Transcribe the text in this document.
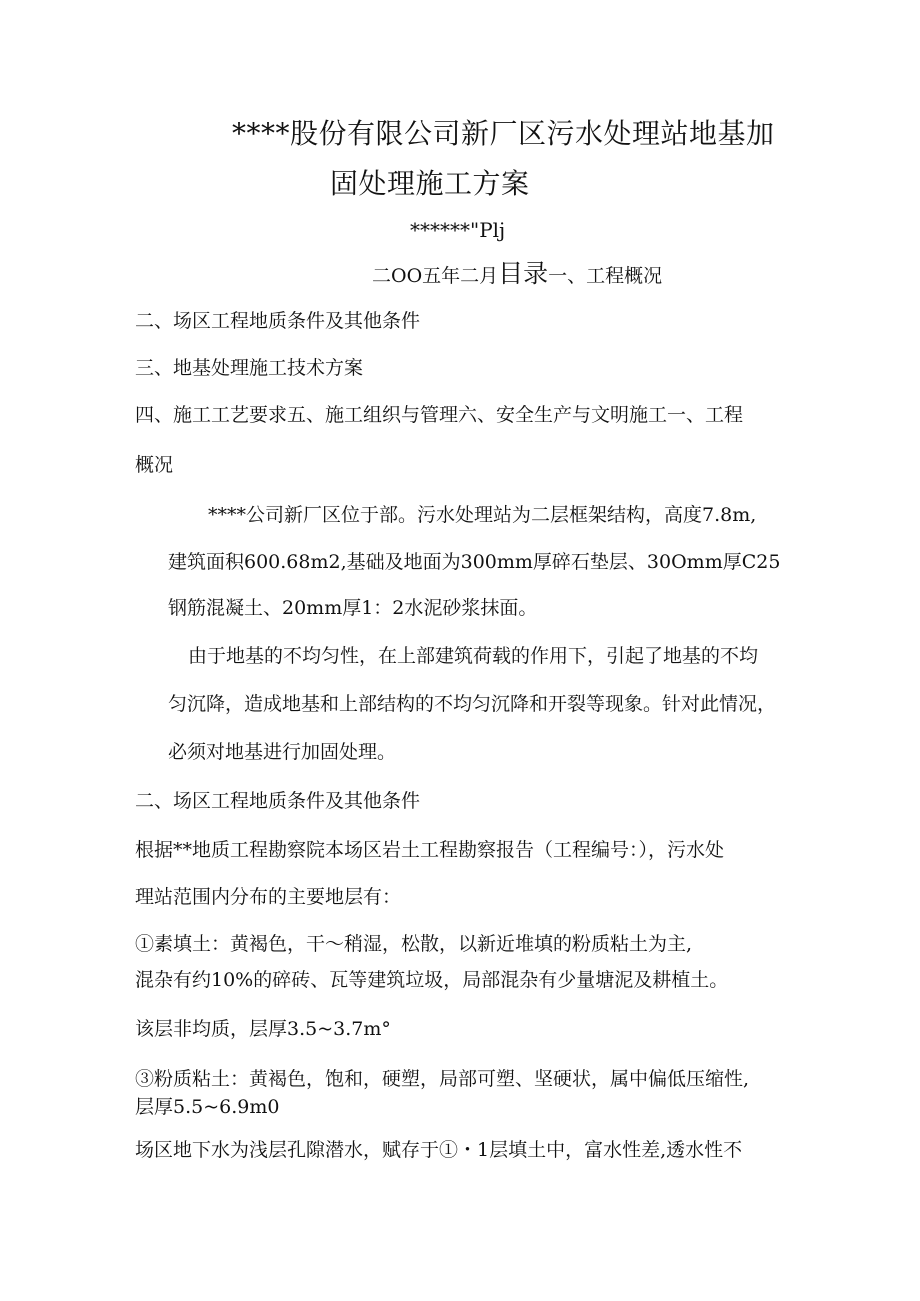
****股份有限公司新厂区污水处理站地基加
固处理施工方案
******"Plj
二OO五年二月目录一、工程概况
二、场区工程地质条件及其他条件
三、地基处理施工技术方案
四、施工工艺要求五、施工组织与管理六、安全生产与文明施工一、工程
概况
****公司新厂区位于部。污水处理站为二层框架结构，高度7.8m,
建筑面积600.68m2,基础及地面为300mm厚碎石垫层、30Omm厚C25
钢筋混凝土、20mm厚1：2水泥砂浆抹面。
由于地基的不均匀性，在上部建筑荷载的作用下，引起了地基的不均
匀沉降，造成地基和上部结构的不均匀沉降和开裂等现象。针对此情况，
必须对地基进行加固处理。
二、场区工程地质条件及其他条件
根据**地质工程勘察院本场区岩土工程勘察报告（工程编号：），污水处
理站范围内分布的主要地层有：
①素填土：黄褐色，干～稍湿，松散，以新近堆填的粉质粘土为主,
混杂有约10%的碎砖、瓦等建筑垃圾，局部混杂有少量塘泥及耕植土。
该层非均质，层厚3.5~3.7m°
③粉质粘土：黄褐色，饱和，硬塑，局部可塑、坚硬状，属中偏低压缩性,
层厚5.5~6.9m0
场区地下水为浅层孔隙潜水，赋存于①・1层填土中，富水性差,透水性不
